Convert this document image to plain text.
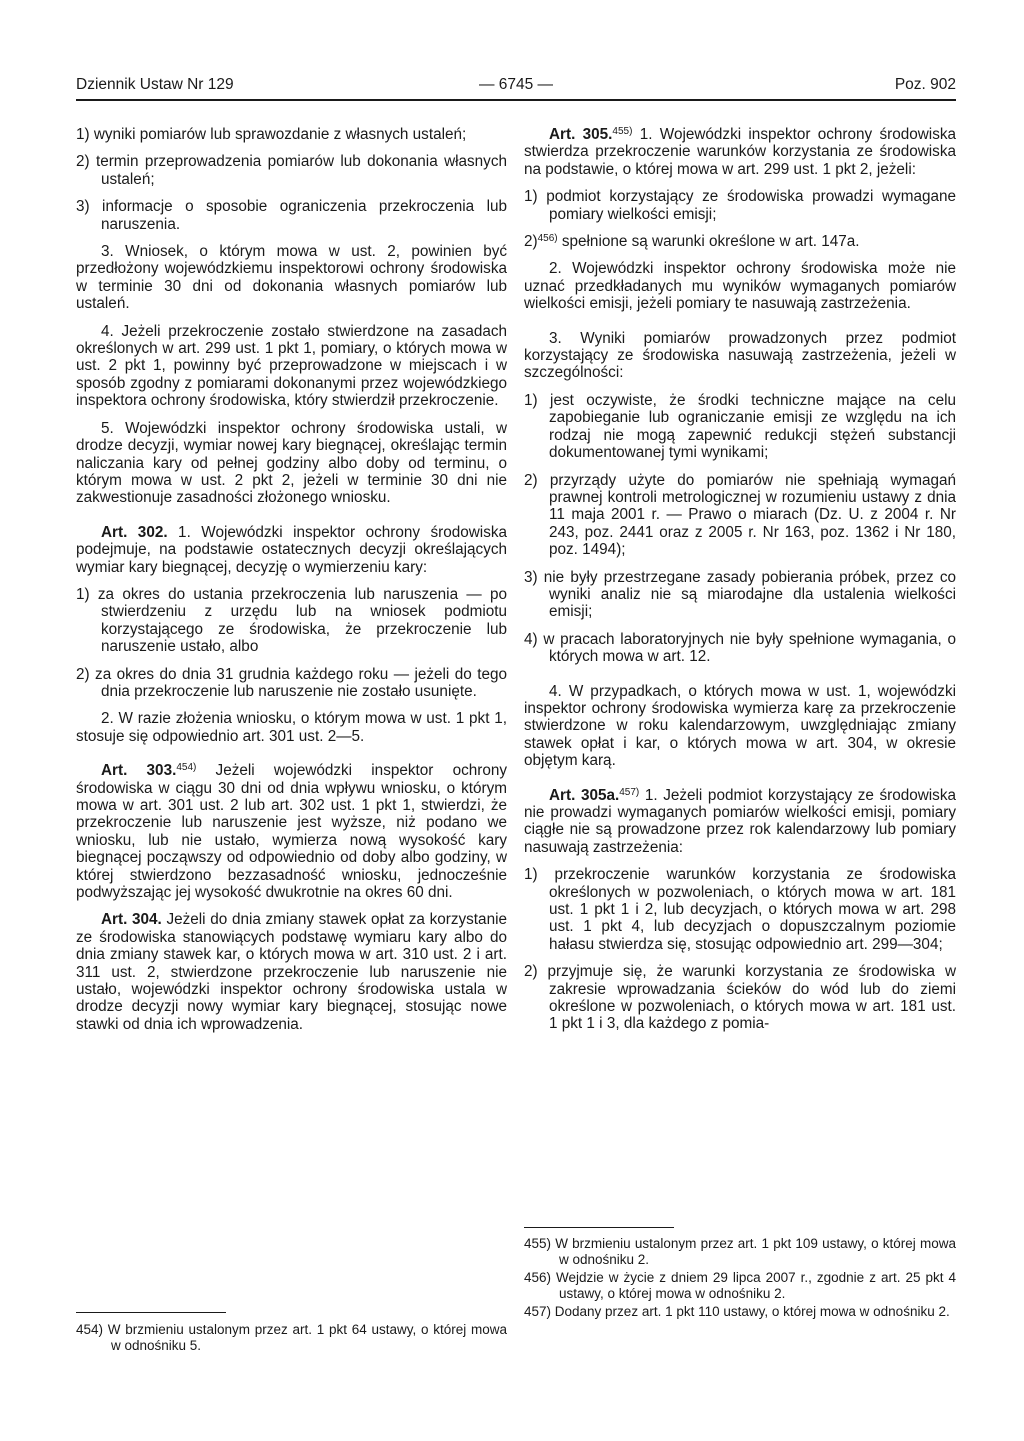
Dziennik Ustaw Nr 129	— 6745 —	Poz. 902

1) wyniki pomiarów lub sprawozdanie z własnych ustaleń;

2) termin przeprowadzenia pomiarów lub dokonania własnych ustaleń;

3) informacje o sposobie ograniczenia przekroczenia lub naruszenia.

3. Wniosek, o którym mowa w ust. 2, powinien być przedłożony wojewódzkiemu inspektorowi ochrony środowiska w terminie 30 dni od dokonania własnych pomiarów lub ustaleń.

4. Jeżeli przekroczenie zostało stwierdzone na zasadach określonych w art. 299 ust. 1 pkt 1, pomiary, o których mowa w ust. 2 pkt 1, powinny być przeprowadzone w miejscach i w sposób zgodny z pomiarami dokonanymi przez wojewódzkiego inspektora ochrony środowiska, który stwierdził przekroczenie.

5. Wojewódzki inspektor ochrony środowiska ustali, w drodze decyzji, wymiar nowej kary biegnącej, określając termin naliczania kary od pełnej godziny albo doby od terminu, o którym mowa w ust. 2 pkt 2, jeżeli w terminie 30 dni nie zakwestionuje zasadności złożonego wniosku.

Art. 302. 1. Wojewódzki inspektor ochrony środowiska podejmuje, na podstawie ostatecznych decyzji określających wymiar kary biegnącej, decyzję o wymierzeniu kary:

1) za okres do ustania przekroczenia lub naruszenia — po stwierdzeniu z urzędu lub na wniosek podmiotu korzystającego ze środowiska, że przekroczenie lub naruszenie ustało, albo

2) za okres do dnia 31 grudnia każdego roku — jeżeli do tego dnia przekroczenie lub naruszenie nie zostało usunięte.

2. W razie złożenia wniosku, o którym mowa w ust. 1 pkt 1, stosuje się odpowiednio art. 301 ust. 2—5.

Art. 303.$^{454)}$ Jeżeli wojewódzki inspektor ochrony środowiska w ciągu 30 dni od dnia wpływu wniosku, o którym mowa w art. 301 ust. 2 lub art. 302 ust. 1 pkt 1, stwierdzi, że przekroczenie lub naruszenie jest wyższe, niż podano we wniosku, lub nie ustało, wymierza nową wysokość kary biegnącej począwszy od odpowiednio od doby albo godziny, w której stwierdzono bezzasadność wniosku, jednocześnie podwyższając jej wysokość dwukrotnie na okres 60 dni.

Art. 304. Jeżeli do dnia zmiany stawek opłat za korzystanie ze środowiska stanowiących podstawę wymiaru kary albo do dnia zmiany stawek kar, o których mowa w art. 310 ust. 2 i art. 311 ust. 2, stwierdzone przekroczenie lub naruszenie nie ustało, wojewódzki inspektor ochrony środowiska ustala w drodze decyzji nowy wymiar kary biegnącej, stosując nowe stawki od dnia ich wprowadzenia.

454) W brzmieniu ustalonym przez art. 1 pkt 64 ustawy, o której mowa w odnośniku 5.

Art. 305.$^{455)}$ 1. Wojewódzki inspektor ochrony środowiska stwierdza przekroczenie warunków korzystania ze środowiska na podstawie, o której mowa w art. 299 ust. 1 pkt 2, jeżeli:

1) podmiot korzystający ze środowiska prowadzi wymagane pomiary wielkości emisji;

2)$^{456)}$ spełnione są warunki określone w art. 147a.

2. Wojewódzki inspektor ochrony środowiska może nie uznać przedkładanych mu wyników wymaganych pomiarów wielkości emisji, jeżeli pomiary te nasuwają zastrzeżenia.

3. Wyniki pomiarów prowadzonych przez podmiot korzystający ze środowiska nasuwają zastrzeżenia, jeżeli w szczególności:

1) jest oczywiste, że środki techniczne mające na celu zapobieganie lub ograniczanie emisji ze względu na ich rodzaj nie mogą zapewnić redukcji stężeń substancji dokumentowanej tymi wynikami;

2) przyrządy użyte do pomiarów nie spełniają wymagań prawnej kontroli metrologicznej w rozumieniu ustawy z dnia 11 maja 2001 r. — Prawo o miarach (Dz. U. z 2004 r. Nr 243, poz. 2441 oraz z 2005 r. Nr 163, poz. 1362 i Nr 180, poz. 1494);

3) nie były przestrzegane zasady pobierania próbek, przez co wyniki analiz nie są miarodajne dla ustalenia wielkości emisji;

4) w pracach laboratoryjnych nie były spełnione wymagania, o których mowa w art. 12.

4. W przypadkach, o których mowa w ust. 1, wojewódzki inspektor ochrony środowiska wymierza karę za przekroczenie stwierdzone w roku kalendarzowym, uwzględniając zmiany stawek opłat i kar, o których mowa w art. 304, w okresie objętym karą.

Art. 305a.$^{457)}$ 1. Jeżeli podmiot korzystający ze środowiska nie prowadzi wymaganych pomiarów wielkości emisji, pomiary ciągłe nie są prowadzone przez rok kalendarzowy lub pomiary nasuwają zastrzeżenia:

1) przekroczenie warunków korzystania ze środowiska określonych w pozwoleniach, o których mowa w art. 181 ust. 1 pkt 1 i 2, lub decyzjach, o których mowa w art. 298 ust. 1 pkt 4, lub decyzjach o dopuszczalnym poziomie hałasu stwierdza się, stosując odpowiednio art. 299—304;

2) przyjmuje się, że warunki korzystania ze środowiska w zakresie wprowadzania ścieków do wód lub do ziemi określone w pozwoleniach, o których mowa w art. 181 ust. 1 pkt 1 i 3, dla każdego z pomia-

455) W brzmieniu ustalonym przez art. 1 pkt 109 ustawy, o której mowa w odnośniku 2.

456) Wejdzie w życie z dniem 29 lipca 2007 r., zgodnie z art. 25 pkt 4 ustawy, o której mowa w odnośniku 2.

457) Dodany przez art. 1 pkt 110 ustawy, o której mowa w odnośniku 2.
